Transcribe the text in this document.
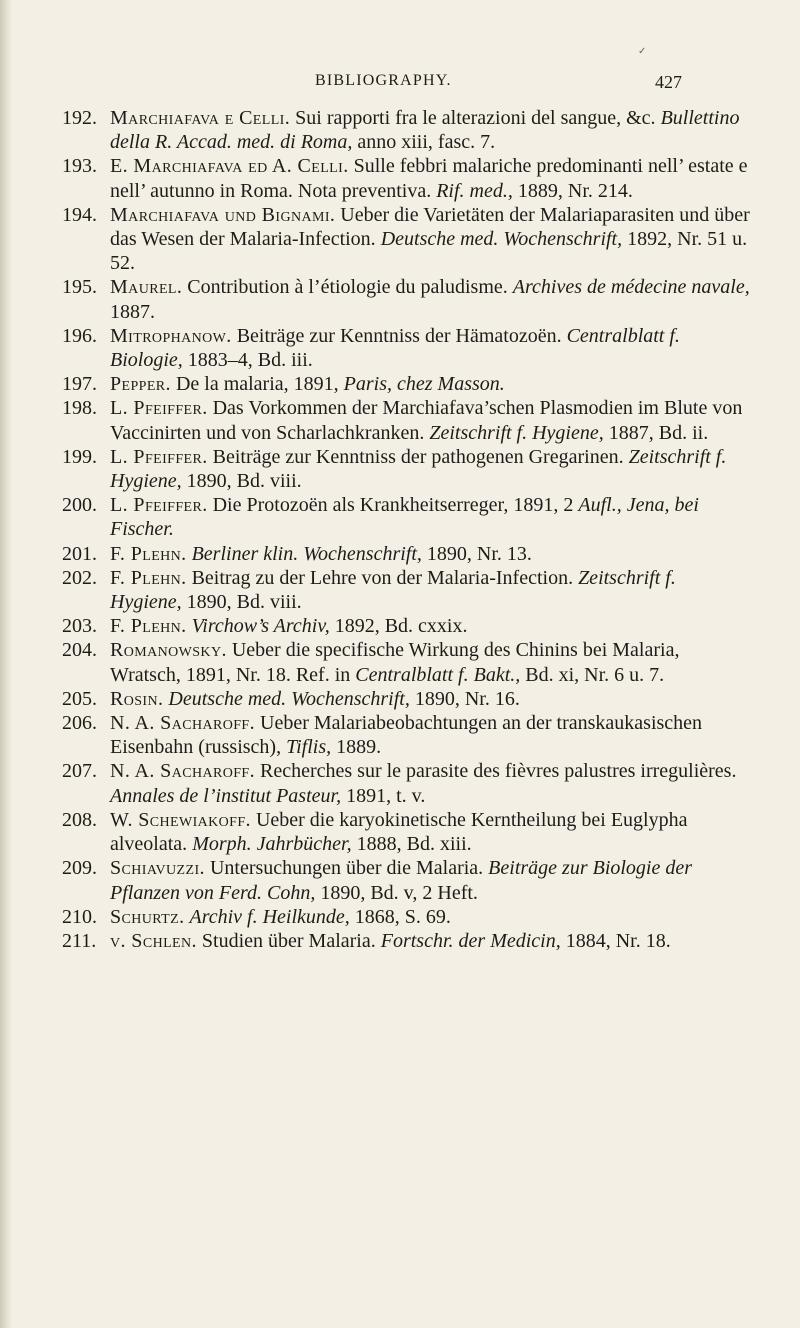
✓
BIBLIOGRAPHY.	427
192. Marchiafava e Celli. Sui rapporti fra le alterazioni del sangue, &c. Bullettino della R. Accad. med. di Roma, anno xiii, fasc. 7.
193. E. Marchiafava ed A. Celli. Sulle febbri malariche predominanti nell’ estate e nell’ autunno in Roma. Nota preventiva. Rif. med., 1889, Nr. 214.
194. Marchiafava und Bignami. Ueber die Varietäten der Malariaparasiten und über das Wesen der Malaria-Infection. Deutsche med. Wochenschrift, 1892, Nr. 51 u. 52.
195. Maurel. Contribution à l’étiologie du paludisme. Archives de médecine navale, 1887.
196. Mitrophanow. Beiträge zur Kenntniss der Hämatozoën. Centralblatt f. Biologie, 1883–4, Bd. iii.
197. Pepper. De la malaria, 1891, Paris, chez Masson.
198. L. Pfeiffer. Das Vorkommen der Marchiafava’schen Plasmodien im Blute von Vaccinirten und von Scharlachkranken. Zeitschrift f. Hygiene, 1887, Bd. ii.
199. L. Pfeiffer. Beiträge zur Kenntniss der pathogenen Gregarinen. Zeitschrift f. Hygiene, 1890, Bd. viii.
200. L. Pfeiffer. Die Protozoën als Krankheitserreger, 1891, 2 Aufl., Jena, bei Fischer.
201. F. Plehn. Berliner klin. Wochenschrift, 1890, Nr. 13.
202. F. Plehn. Beitrag zu der Lehre von der Malaria-Infection. Zeitschrift f. Hygiene, 1890, Bd. viii.
203. F. Plehn. Virchow’s Archiv, 1892, Bd. cxxix.
204. Romanowsky. Ueber die specifische Wirkung des Chinins bei Malaria, Wratsch, 1891, Nr. 18. Ref. in Centralblatt f. Bakt., Bd. xi, Nr. 6 u. 7.
205. Rosin. Deutsche med. Wochenschrift, 1890, Nr. 16.
206. N. A. Sacharoff. Ueber Malariabeobachtungen an der transkaukasischen Eisenbahn (russisch), Tiflis, 1889.
207. N. A. Sacharoff. Recherches sur le parasite des fièvres palustres irregulières. Annales de l’institut Pasteur, 1891, t. v.
208. W. Schewiakoff. Ueber die karyokinetische Kerntheilung bei Euglypha alveolata. Morph. Jahrbücher, 1888, Bd. xiii.
209. Schiavuzzi. Untersuchungen über die Malaria. Beiträge zur Biologie der Pflanzen von Ferd. Cohn, 1890, Bd. v, 2 Heft.
210. Schurtz. Archiv f. Heilkunde, 1868, S. 69.
211. v. Schlen. Studien über Malaria. Fortschr. der Medicin, 1884, Nr. 18.
